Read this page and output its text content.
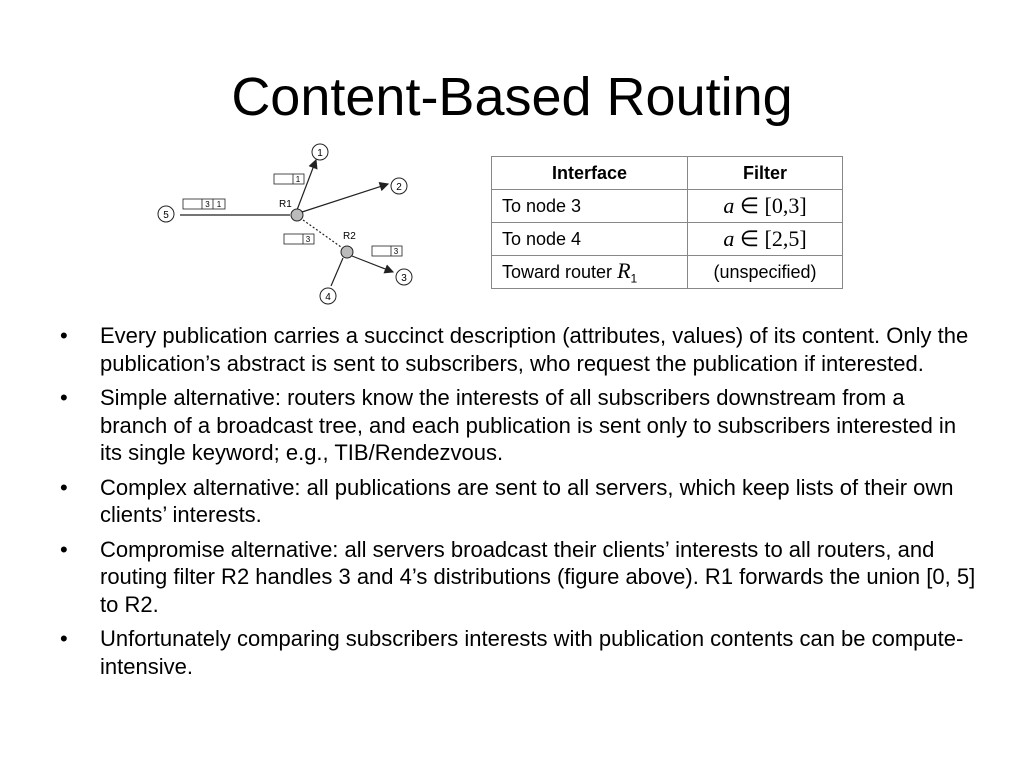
Content-Based Routing
R1
R2
1
2
3
4
5
1
3 1
3
3
Interface	Filter
To node 3	a ∈ [0,3]
To node 4	a ∈ [2,5]
Toward router $R_1$	(unspecified)
• Every publication carries a succinct description (attributes, values) of its content. Only the publication’s abstract is sent to subscribers, who request the publication if interested.
• Simple alternative: routers know the interests of all subscribers downstream from a branch of a broadcast tree, and each publication is sent only to subscribers interested in its single keyword; e.g., TIB/Rendezvous.
• Complex alternative: all publications are sent to all servers, which keep lists of their own clients’ interests.
• Compromise alternative: all servers broadcast their clients’ interests to all routers, and routing filter R2 handles 3 and 4’s distributions (figure above). R1 forwards the union [0, 5] to R2.
• Unfortunately comparing subscribers interests with publication contents can be compute-intensive.
